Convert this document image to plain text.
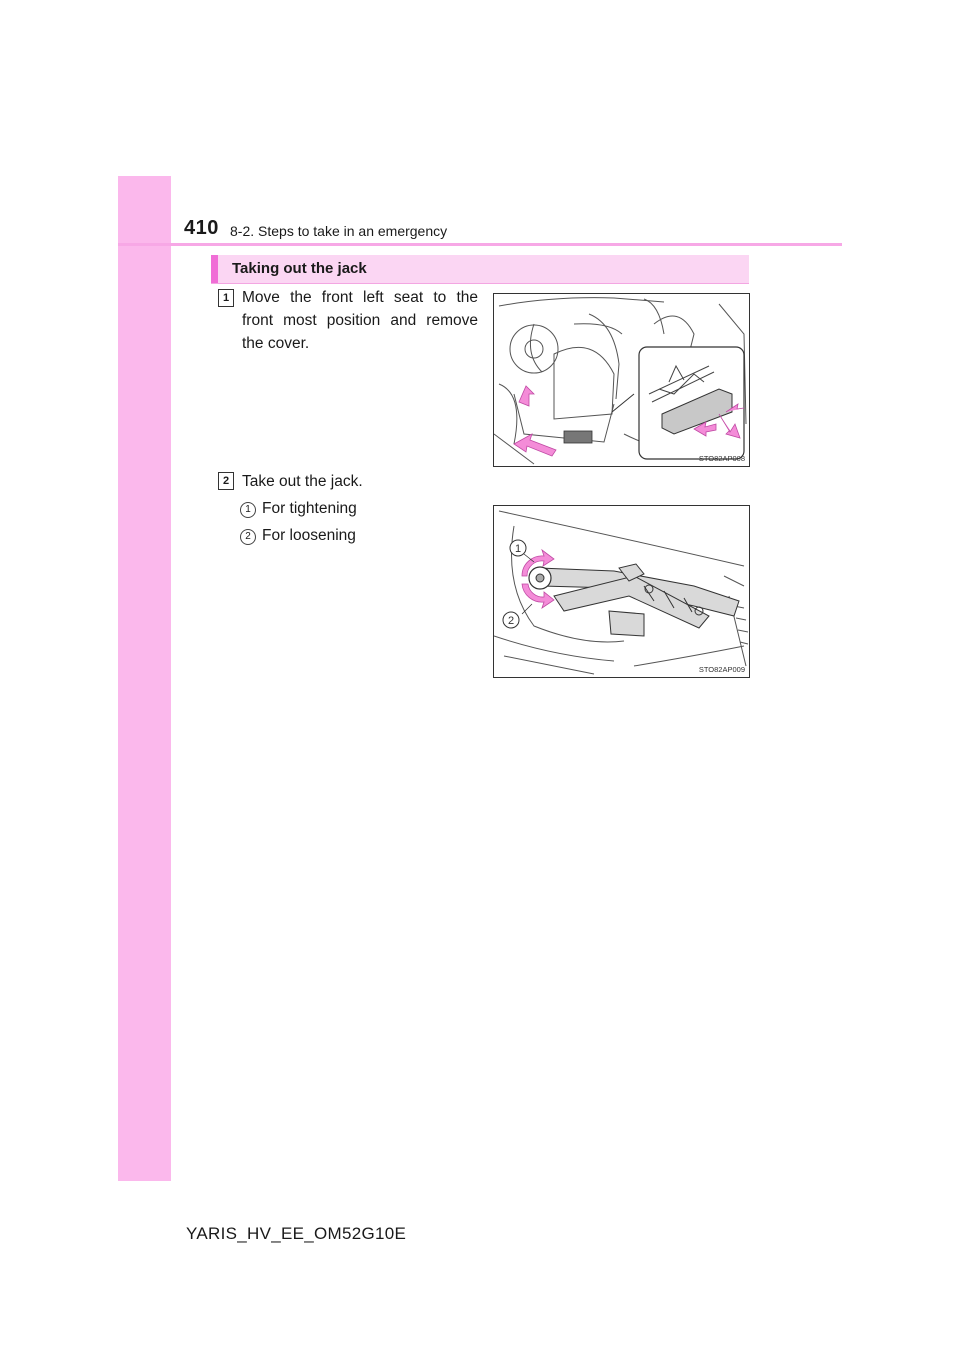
410 8-2. Steps to take in an emergency
Taking out the jack
1 Move the front left seat to the front most position and remove the cover.
STO82AP008
2 Take out the jack.
1 For tightening
2 For loosening
1
2
STO82AP009
YARIS_HV_EE_OM52G10E
